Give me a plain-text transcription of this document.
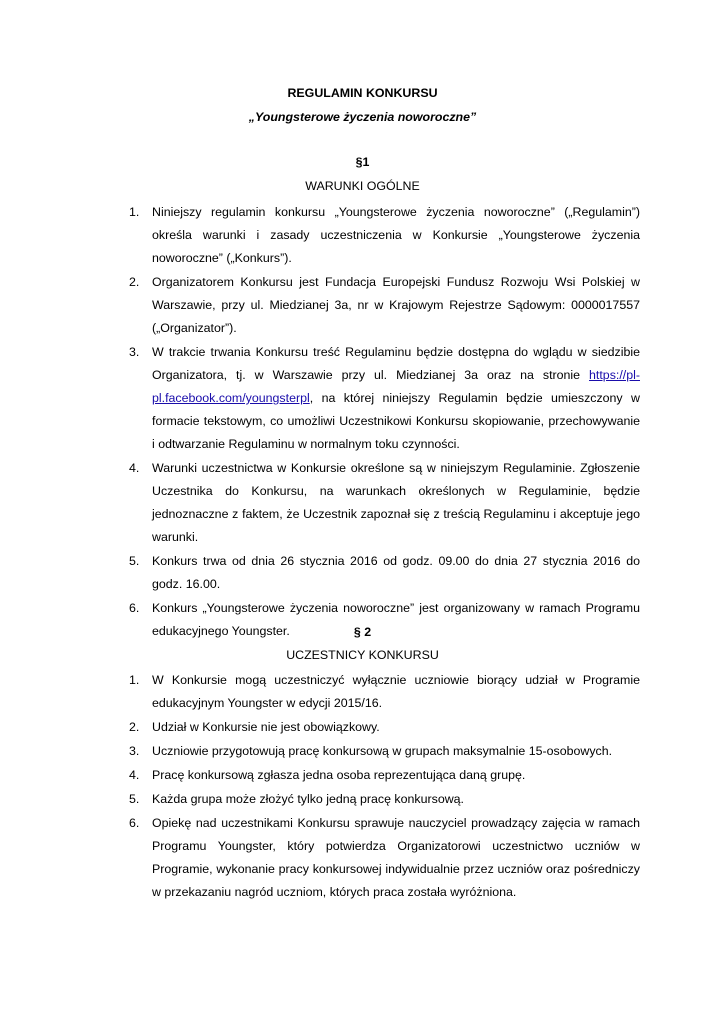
REGULAMIN KONKURSU
„Youngsterowe życzenia noworoczne”
§1
WARUNKI OGÓLNE
1. Niniejszy regulamin konkursu „Youngsterowe życzenia noworoczne” („Regulamin”) określa warunki i zasady uczestniczenia w Konkursie „Youngsterowe życzenia noworoczne” („Konkurs”).
2. Organizatorem Konkursu jest Fundacja Europejski Fundusz Rozwoju Wsi Polskiej w Warszawie, przy ul. Miedzianej 3a, nr w Krajowym Rejestrze Sądowym: 0000017557 („Organizator”).
3. W trakcie trwania Konkursu treść Regulaminu będzie dostępna do wglądu w siedzibie Organizatora, tj. w Warszawie przy ul. Miedzianej 3a oraz na stronie https://pl-pl.facebook.com/youngsterpl, na której niniejszy Regulamin będzie umieszczony w formacie tekstowym, co umożliwi Uczestnikowi Konkursu skopiowanie, przechowywanie i odtwarzanie Regulaminu w normalnym toku czynności.
4. Warunki uczestnictwa w Konkursie określone są w niniejszym Regulaminie. Zgłoszenie Uczestnika do Konkursu, na warunkach określonych w Regulaminie, będzie jednoznaczne z faktem, że Uczestnik zapoznał się z treścią Regulaminu i akceptuje jego warunki.
5. Konkurs trwa od dnia 26 stycznia 2016 od godz. 09.00 do dnia 27 stycznia 2016 do godz. 16.00.
6. Konkurs „Youngsterowe życzenia noworoczne” jest organizowany w ramach Programu edukacyjnego Youngster.	§ 2
UCZESTNICY KONKURSU
1. W Konkursie mogą uczestniczyć wyłącznie uczniowie biorący udział w Programie edukacyjnym Youngster w edycji 2015/16.
2. Udział w Konkursie nie jest obowiązkowy.
3. Uczniowie przygotowują pracę konkursową w grupach maksymalnie 15-osobowych.
4. Pracę konkursową zgłasza jedna osoba reprezentująca daną grupę.
5. Każda grupa może złożyć tylko jedną pracę konkursową.
6. Opiekę nad uczestnikami Konkursu sprawuje nauczyciel prowadzący zajęcia w ramach Programu Youngster, który potwierdza Organizatorowi uczestnictwo uczniów w Programie, wykonanie pracy konkursowej indywidualnie przez uczniów oraz pośredniczy w przekazaniu nagród uczniom, których praca została wyróżniona.
